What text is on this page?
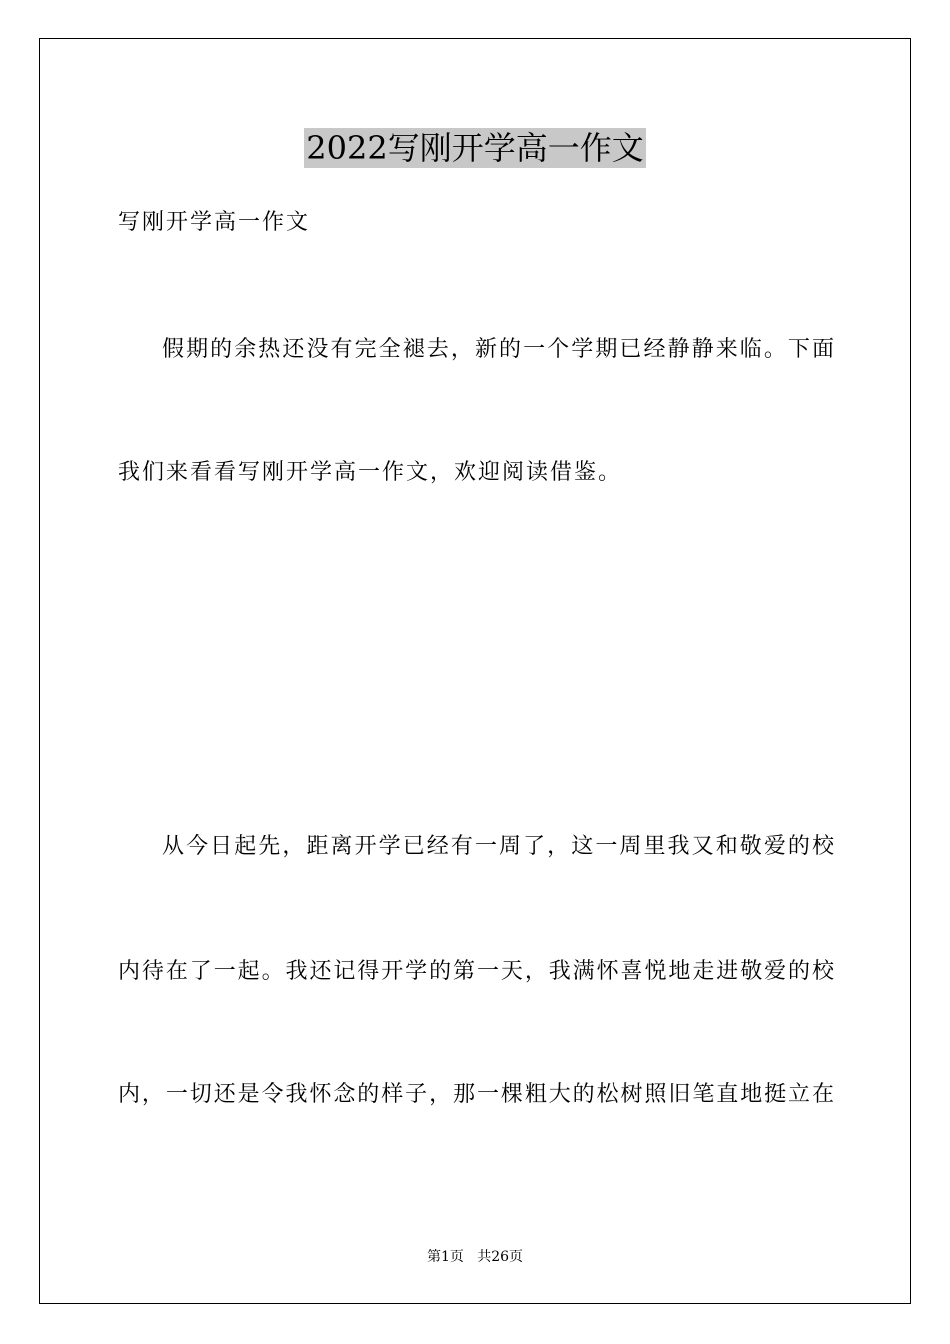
2022写刚开学高一作文
写刚开学高一作文
假期的余热还没有完全褪去，新的一个学期已经静静来临。下面
我们来看看写刚开学高一作文，欢迎阅读借鉴。
从今日起先，距离开学已经有一周了，这一周里我又和敬爱的校
内待在了一起。我还记得开学的第一天，我满怀喜悦地走进敬爱的校
内，一切还是令我怀念的样子，那一棵粗大的松树照旧笔直地挺立在
第1页   共26页
